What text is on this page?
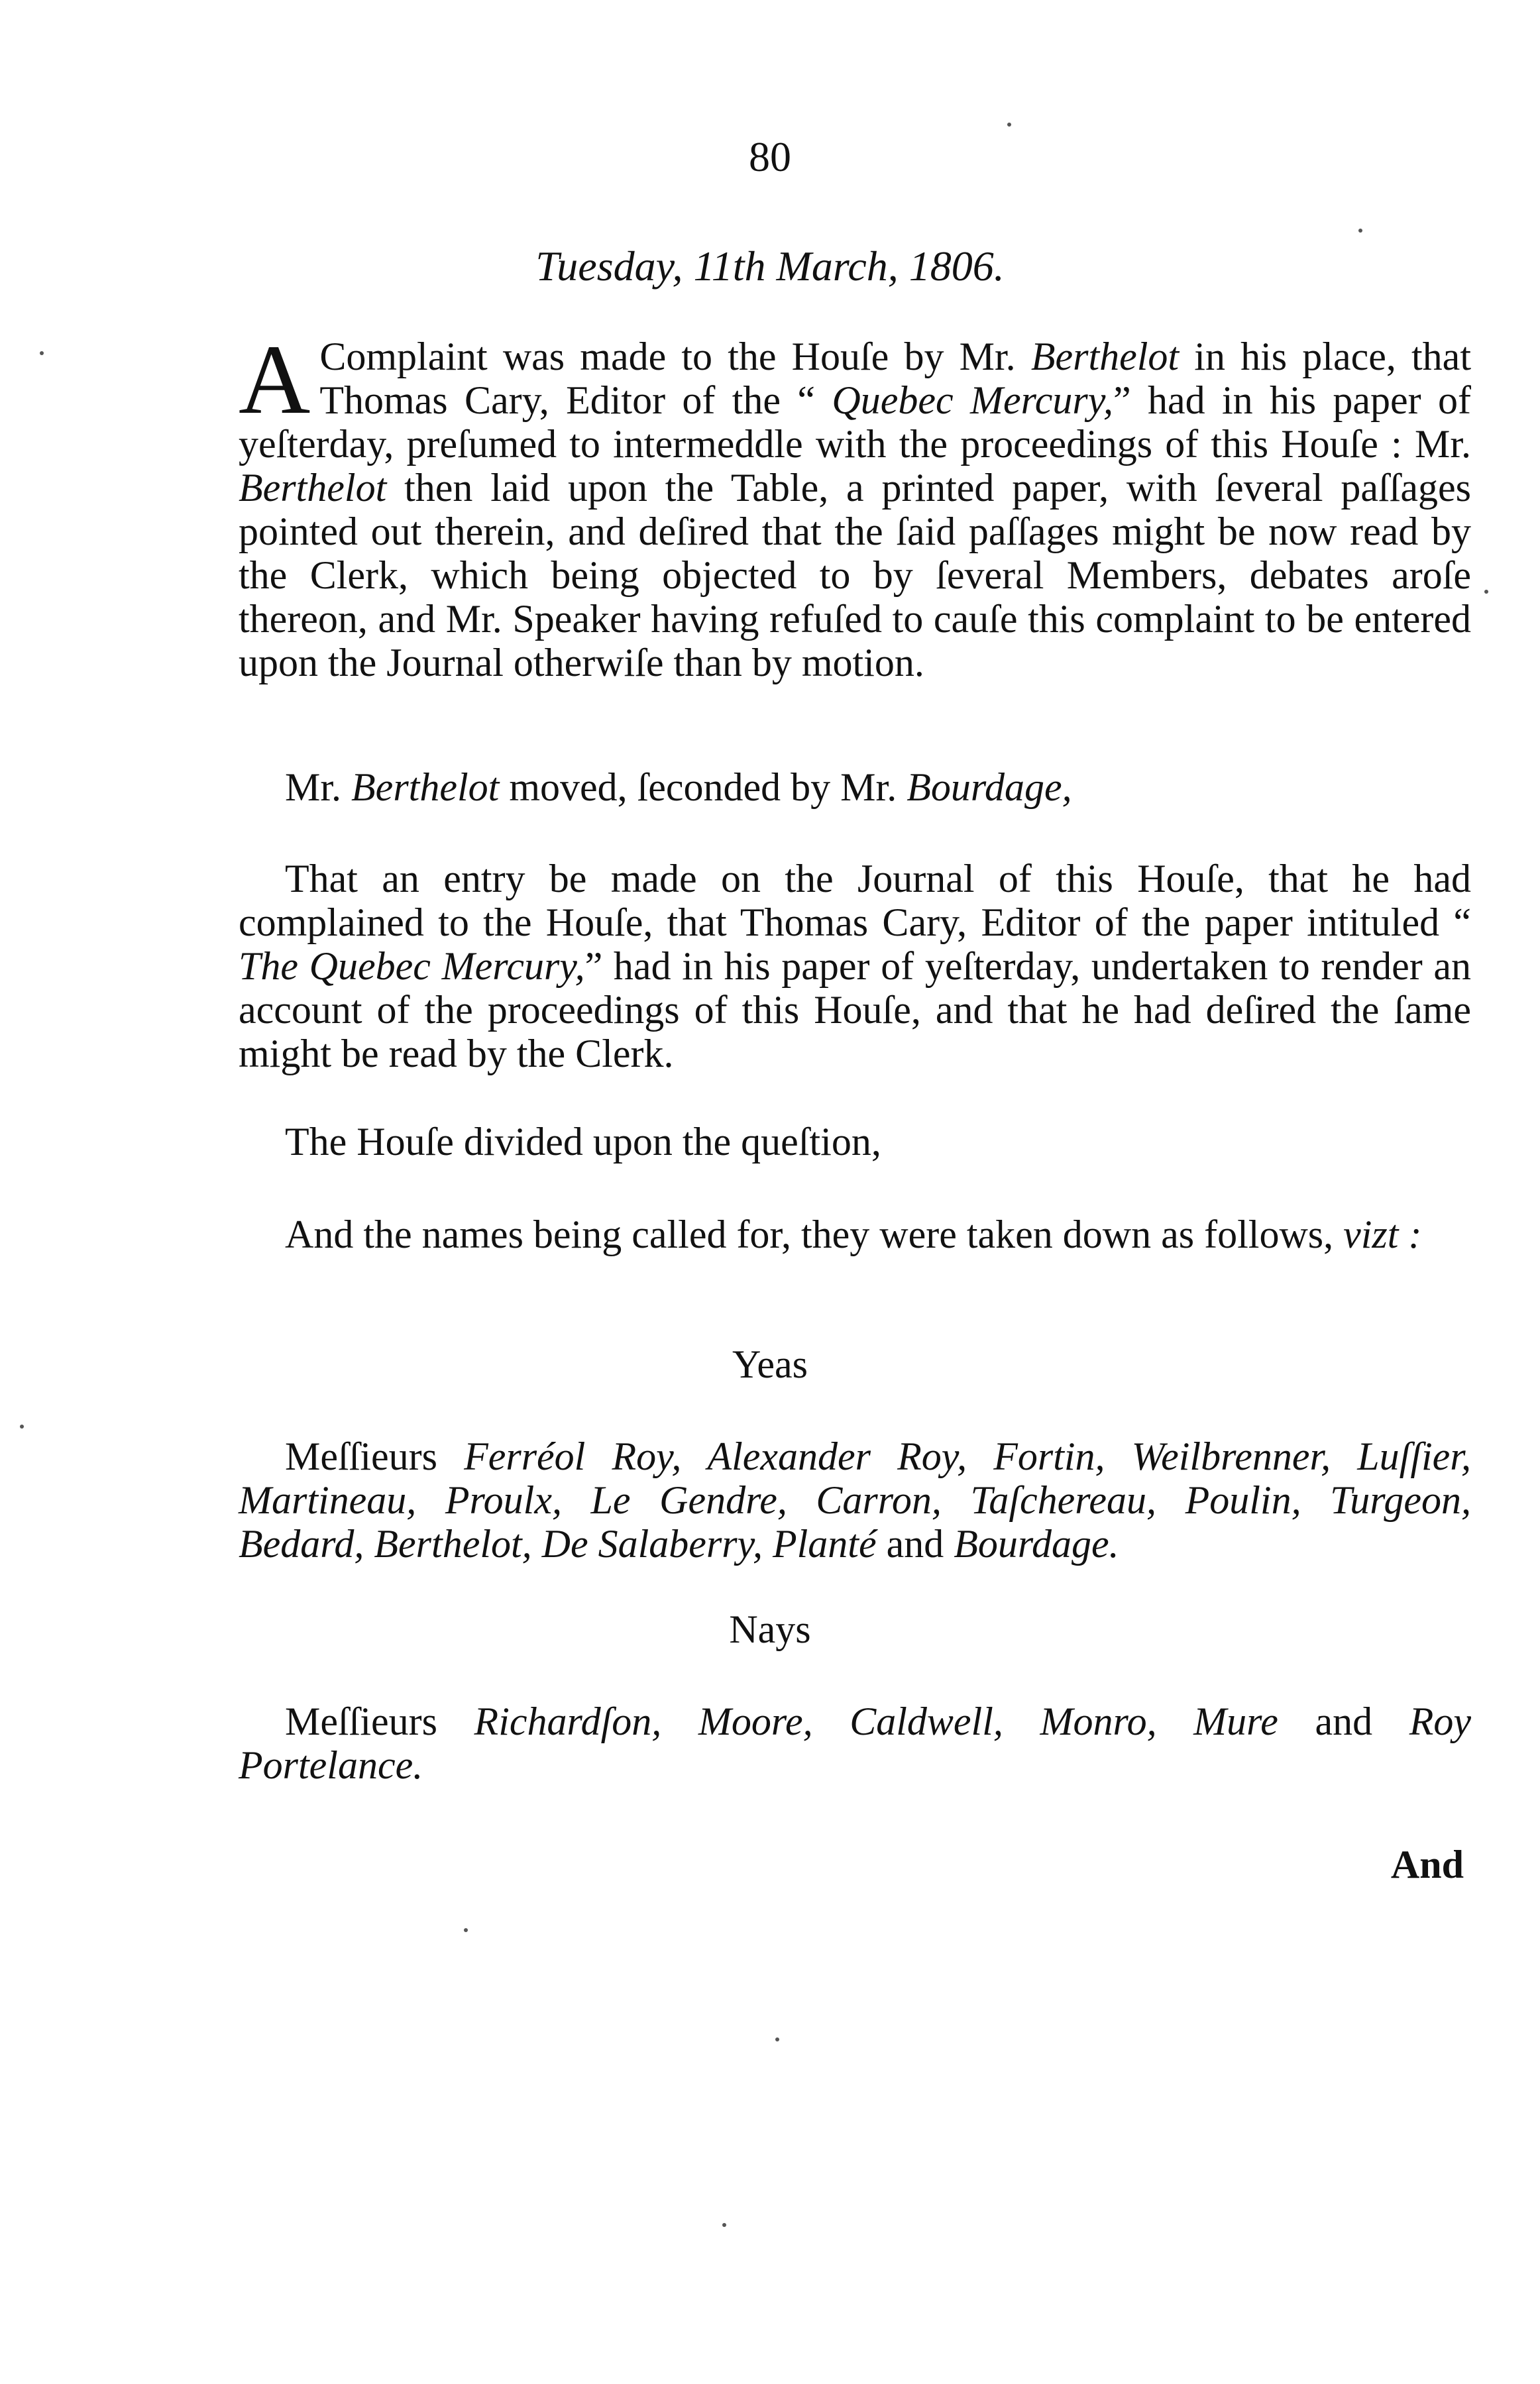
80
Tuesday, 11th March, 1806.
A Complaint was made to the Houſe by Mr. Berthelot in his place, that Thomas Cary, Editor of the “ Quebec Mercury,” had in his paper of yeſterday, preſumed to intermeddle with the proceedings of this Houſe : Mr. Berthelot then laid upon the Table, a printed paper, with ſeveral paſſages pointed out therein, and deſired that the ſaid paſſages might be now read by the Clerk, which being objected to by ſeveral Members, debates aroſe thereon, and Mr. Speaker having refuſed to cauſe this complaint to be entered upon the Journal otherwiſe than by motion.
Mr. Berthelot moved, ſeconded by Mr. Bourdage,
That an entry be made on the Journal of this Houſe, that he had complained to the Houſe, that Thomas Cary, Editor of the paper intituled “ The Quebec Mercury,” had in his paper of yeſterday, undertaken to render an account of the proceedings of this Houſe, and that he had deſired the ſame might be read by the Clerk.
The Houſe divided upon the queſtion,
And the names being called for, they were taken down as follows, vizt :
Yeas
Meſſieurs Ferréol Roy, Alexander Roy, Fortin, Weilbrenner, Luſſier, Martineau, Proulx, Le Gendre, Carron, Taſchereau, Poulin, Turgeon, Bedard, Berthelot, De Salaberry, Planté and Bourdage.
Nays
Meſſieurs Richardſon, Moore, Caldwell, Monro, Mure and Roy Portelance.
And
